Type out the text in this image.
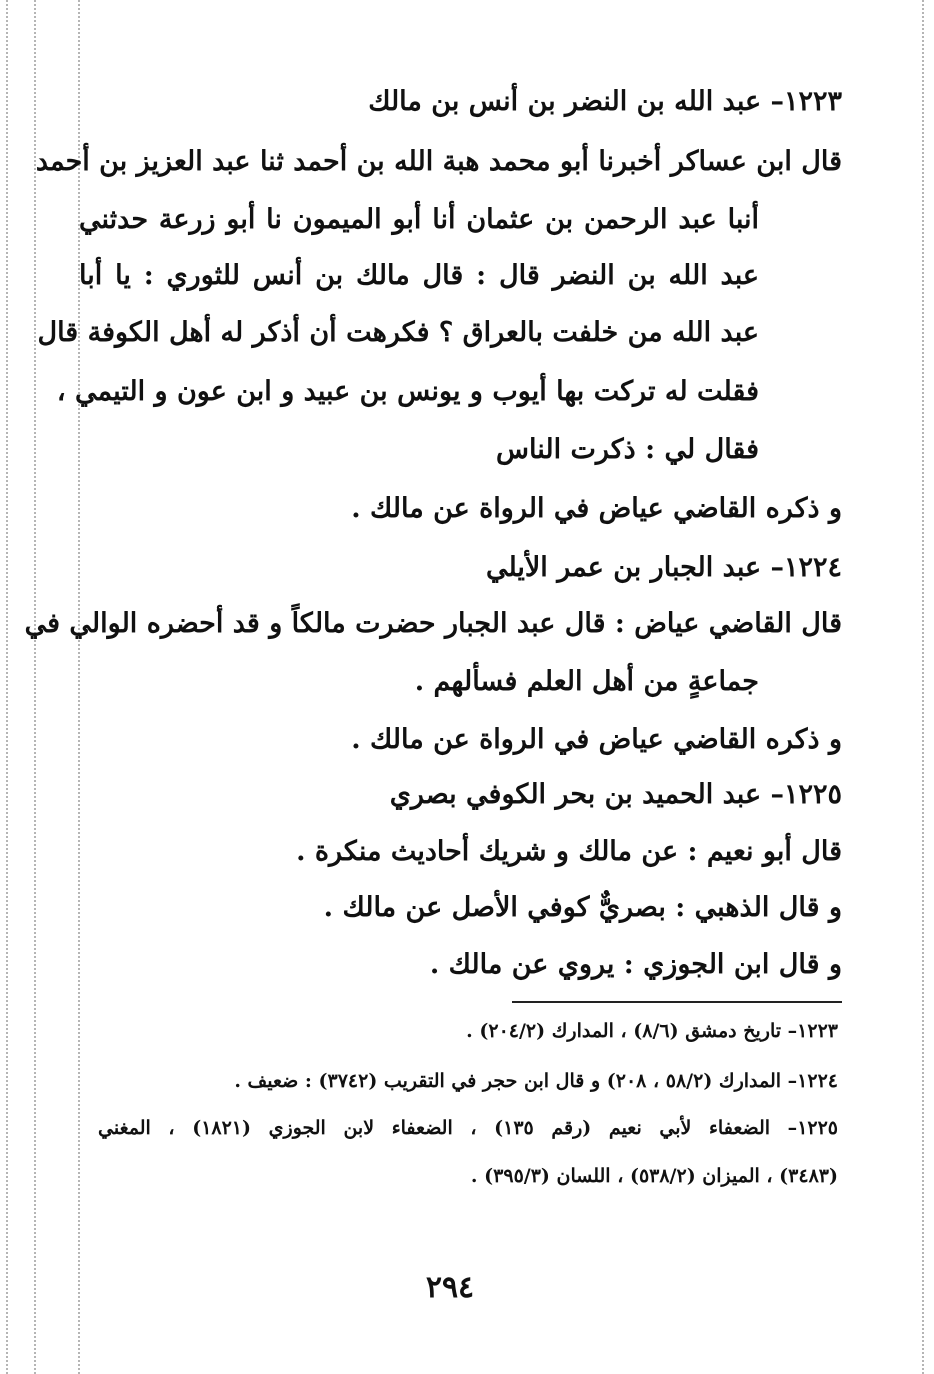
١٢٢٣– عبد الله بن النضر بن أنس بن مالك
قال ابن عساكر أخبرنا أبو محمد هبة الله بن أحمد ثنا عبد العزيز بن أحمد
أنبا عبد الرحمن بن عثمان أنا أبو الميمون نا أبو زرعة حدثني
عبد الله بن النضر قال : قال مالك بن أنس للثوري : يا أبا
عبد الله من خلفت بالعراق ؟ فكرهت أن أذكر له أهل الكوفة قال
فقلت له تركت بها أيوب و يونس بن عبيد و ابن عون و التيمي ،
فقال لي : ذكرت الناس
و ذكره القاضي عياض في الرواة عن مالك .
١٢٢٤– عبد الجبار بن عمر الأيلي
قال القاضي عياض : قال عبد الجبار حضرت مالكاً و قد أحضره الوالي في
جماعةٍ من أهل العلم فسألهم .
و ذكره القاضي عياض في الرواة عن مالك .
١٢٢٥– عبد الحميد بن بحر الكوفي بصري
قال أبو نعيم : عن مالك و شريك أحاديث منكرة .
و قال الذهبي : بصريٌّ كوفي الأصل عن مالك .
و قال ابن الجوزي : يروي عن مالك .
١٢٢٣– تاريخ دمشق (٨/٦) ، المدارك (٢٠٤/٢) .
١٢٢٤– المدارك (٥٨/٢ ، ٢٠٨) و قال ابن حجر في التقريب (٣٧٤٢) : ضعيف .
١٢٢٥– الضعفاء لأبي نعيم (رقم ١٣٥) ، الضعفاء لابن الجوزي (١٨٢١) ، المغني
(٣٤٨٣) ، الميزان (٥٣٨/٢) ، اللسان (٣٩٥/٣) .
٢٩٤
